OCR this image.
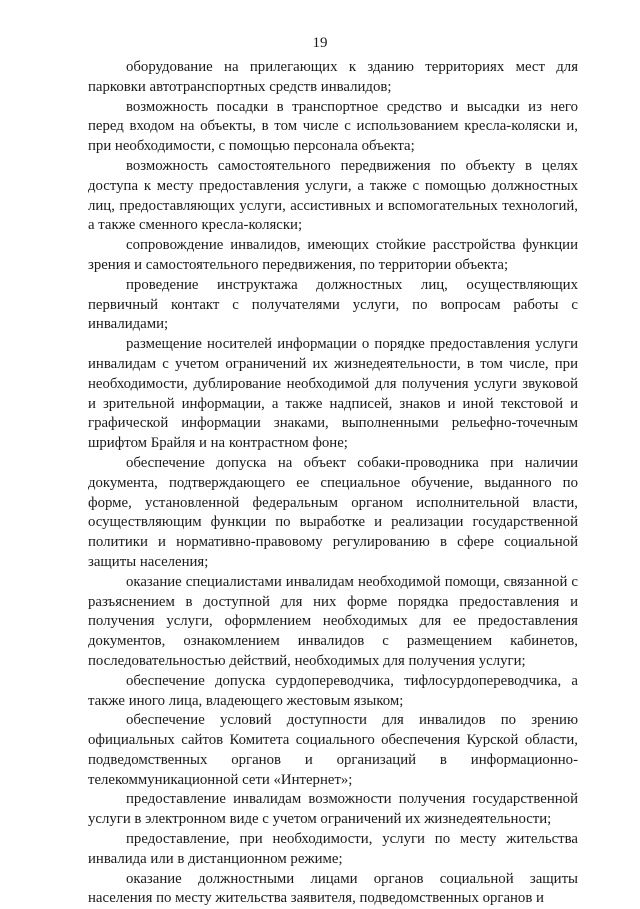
19

оборудование на прилегающих к зданию территориях мест для парковки автотранспортных средств инвалидов;

возможность посадки в транспортное средство и высадки из него перед входом на объекты, в том числе с использованием кресла-коляски и, при необходимости, с помощью персонала объекта;

возможность самостоятельного передвижения по объекту в целях доступа к месту предоставления услуги, а также с помощью должностных лиц, предоставляющих услуги, ассистивных и вспомогательных технологий, а также сменного кресла-коляски;

сопровождение инвалидов, имеющих стойкие расстройства функции зрения и самостоятельного передвижения, по территории объекта;

проведение инструктажа должностных лиц, осуществляющих первичный контакт с получателями услуги, по вопросам работы с инвалидами;

размещение носителей информации о порядке предоставления услуги инвалидам с учетом ограничений их жизнедеятельности, в том числе, при необходимости, дублирование необходимой для получения услуги звуковой и зрительной информации, а также надписей, знаков и иной текстовой и графической информации знаками, выполненными рельефно-точечным шрифтом Брайля и на контрастном фоне;

обеспечение допуска на объект собаки-проводника при наличии документа, подтверждающего ее специальное обучение, выданного по форме, установленной федеральным органом исполнительной власти, осуществляющим функции по выработке и реализации государственной политики и нормативно-правовому регулированию в сфере социальной защиты населения;

оказание специалистами инвалидам необходимой помощи, связанной с разъяснением в доступной для них форме порядка предоставления и получения услуги, оформлением необходимых для ее предоставления документов, ознакомлением инвалидов с размещением кабинетов, последовательностью действий, необходимых для получения услуги;

обеспечение допуска сурдопереводчика, тифлосурдопереводчика, а также иного лица, владеющего жестовым языком;

обеспечение условий доступности для инвалидов по зрению официальных сайтов Комитета социального обеспечения Курской области, подведомственных органов и организаций в информационно-телекоммуникационной сети «Интернет»;

предоставление инвалидам возможности получения государственной услуги в электронном виде с учетом ограничений их жизнедеятельности;

предоставление, при необходимости, услуги по месту жительства инвалида или в дистанционном режиме;

оказание должностными лицами органов социальной защиты населения по месту жительства заявителя, подведомственных органов и
